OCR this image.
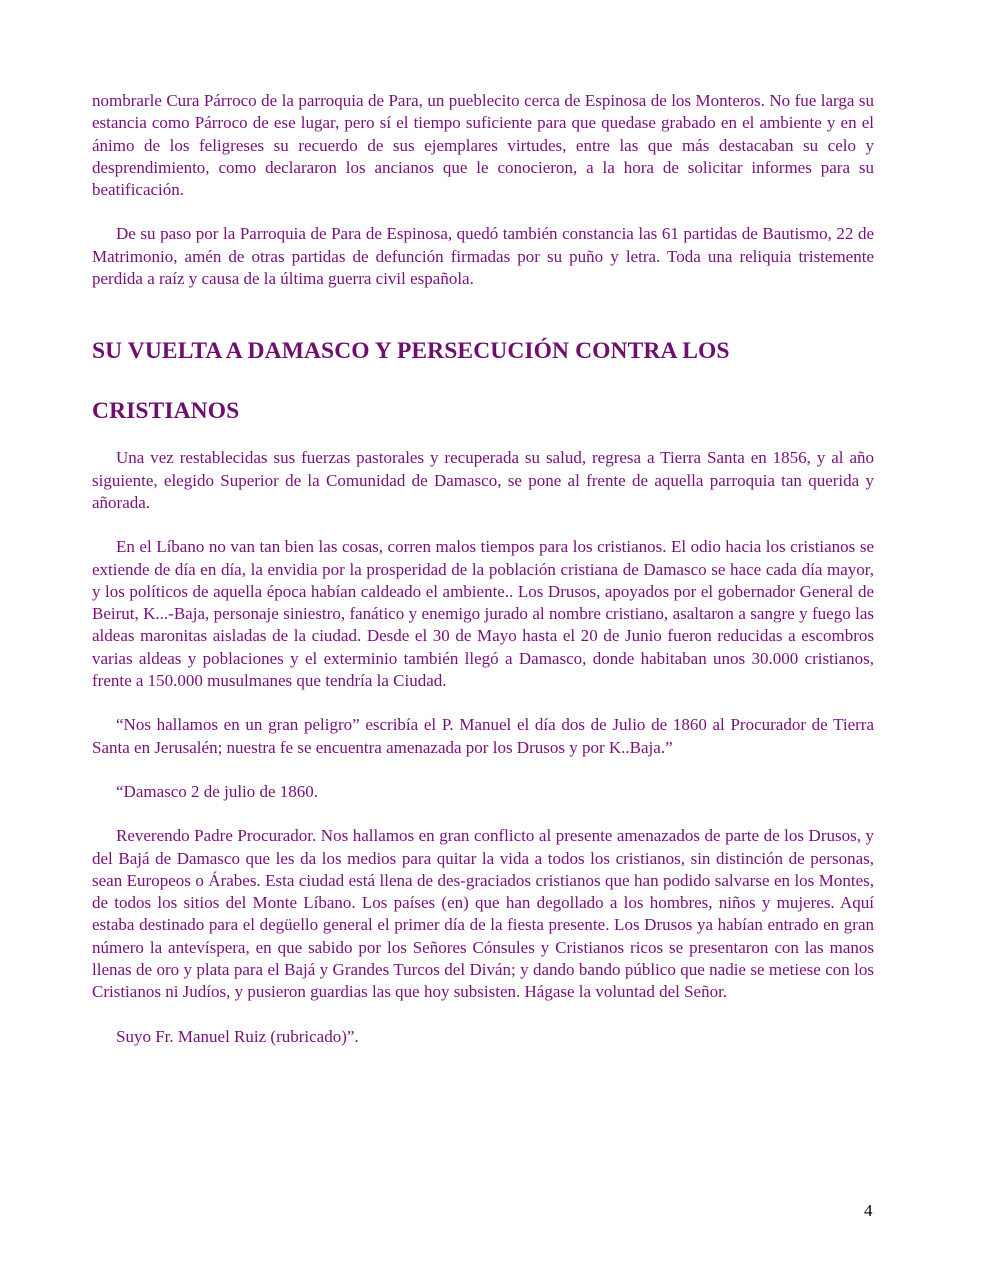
nombrarle Cura Párroco de la parroquia de Para, un pueblecito cerca de Espinosa de los Monteros. No fue larga su estancia como Párroco de ese lugar, pero sí el tiempo suficiente para que quedase grabado en el ambiente y en el ánimo de los feligreses su recuerdo de sus ejemplares virtudes, entre las que más destacaban su celo y desprendimiento, como declararon los ancianos que le conocieron, a la hora de solicitar informes para su beatificación.

De su paso por la Parroquia de Para de Espinosa, quedó también constancia las 61 partidas de Bautismo, 22 de Matrimonio, amén de otras partidas de defunción firmadas por su puño y letra. Toda una reliquia tristemente perdida a raíz y causa de la última guerra civil española.

SU VUELTA A DAMASCO Y PERSECUCIÓN CONTRA LOS
CRISTIANOS

Una vez restablecidas sus fuerzas pastorales y recuperada su salud, regresa a Tierra Santa en 1856, y al año siguiente, elegido Superior de la Comunidad de Damasco, se pone al frente de aquella parroquia tan querida y añorada.

En el Líbano no van tan bien las cosas, corren malos tiempos para los cristianos. El odio hacia los cristianos se extiende de día en día, la envidia por la prosperidad de la población cristiana de Damasco se hace cada día mayor, y los políticos de aquella época habían caldeado el ambiente.. Los Drusos, apoyados por el gobernador General de Beirut, K...-Baja, personaje siniestro, fanático y enemigo jurado al nombre cristiano, asaltaron a sangre y fuego las aldeas maronitas aisladas de la ciudad. Desde el 30 de Mayo hasta el 20 de Junio fueron reducidas a escombros varias aldeas y poblaciones y el exterminio también llegó a Damasco, donde habitaban unos 30.000 cristianos, frente a 150.000 musulmanes que tendría la Ciudad.

“Nos hallamos en un gran peligro” escribía el P. Manuel el día dos de Julio de 1860 al Procurador de Tierra Santa en Jerusalén; nuestra fe se encuentra amenazada por los Drusos y por K..Baja.”

“Damasco 2 de julio de 1860.

Reverendo Padre Procurador. Nos hallamos en gran conflicto al presente amenazados de parte de los Drusos, y del Bajá de Damasco que les da los medios para quitar la vida a todos los cristianos, sin distinción de personas, sean Europeos o Árabes. Esta ciudad está llena de des-graciados cristianos que han podido salvarse en los Montes, de todos los sitios del Monte Líbano. Los países (en) que han degollado a los hombres, niños y mujeres. Aquí estaba destinado para el degüello general el primer día de la fiesta presente. Los Drusos ya habían entrado en gran número la antevíspera, en que sabido por los Señores Cónsules y Cristianos ricos se presentaron con las manos llenas de oro y plata para el Bajá y Grandes Turcos del Diván; y dando bando público que nadie se metiese con los Cristianos ni Judíos, y pusieron guardias las que hoy subsisten. Hágase la voluntad del Señor.

Suyo Fr. Manuel Ruiz (rubricado)”.

4
